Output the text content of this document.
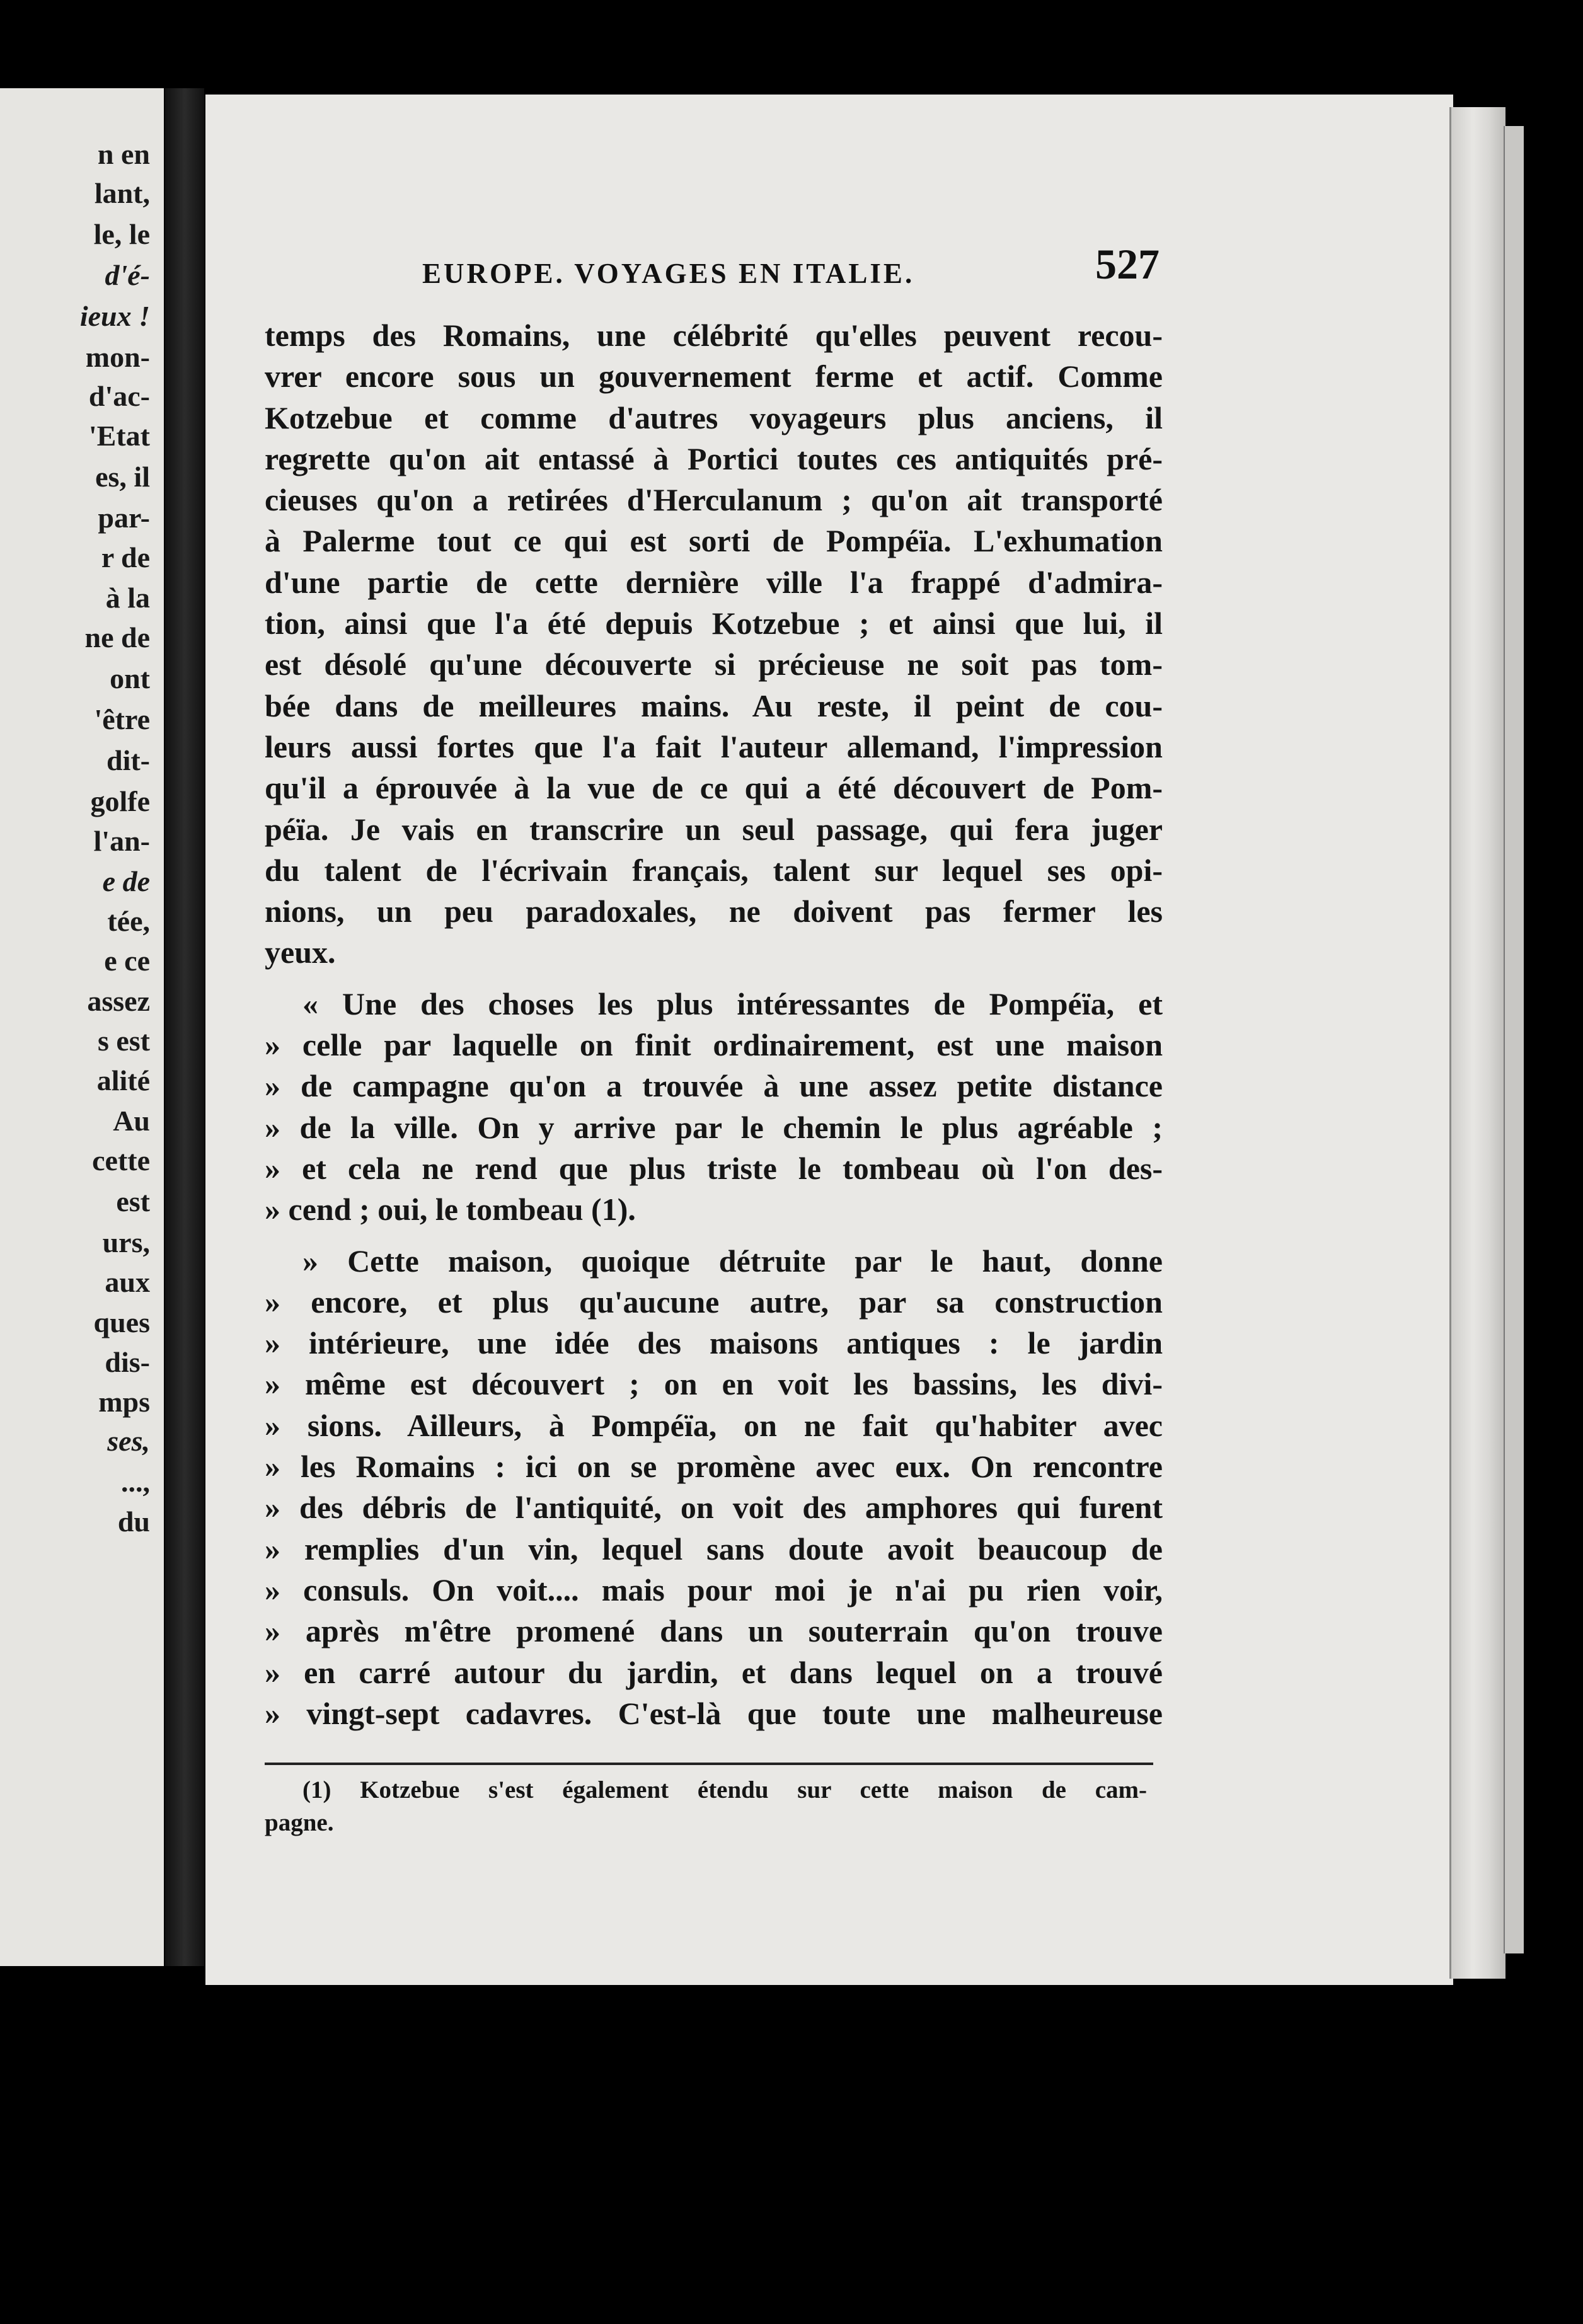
n en
lant,
le, le
d'é-
ieux !
mon-
d'ac-
'Etat
es, il
par-
r de
à la
ne de
ont
'être
dit-
golfe
l'an-
e de
tée,
e ce
assez
s est
alité
Au
cette
est
urs,
aux
ques
dis-
mps
ses,
...,
du
EUROPE. VOYAGES EN ITALIE.	527
temps des Romains, une célébrité qu'elles peuvent recou-
vrer encore sous un gouvernement ferme et actif. Comme
Kotzebue et comme d'autres voyageurs plus anciens, il
regrette qu'on ait entassé à Portici toutes ces antiquités pré-
cieuses qu'on a retirées d'Herculanum ; qu'on ait transporté
à Palerme tout ce qui est sorti de Pompéïa. L'exhumation
d'une partie de cette dernière ville l'a frappé d'admira-
tion, ainsi que l'a été depuis Kotzebue ; et ainsi que lui, il
est désolé qu'une découverte si précieuse ne soit pas tom-
bée dans de meilleures mains. Au reste, il peint de cou-
leurs aussi fortes que l'a fait l'auteur allemand, l'impression
qu'il a éprouvée à la vue de ce qui a été découvert de Pom-
péïa. Je vais en transcrire un seul passage, qui fera juger
du talent de l'écrivain français, talent sur lequel ses opi-
nions, un peu paradoxales, ne doivent pas fermer les
yeux.
« Une des choses les plus intéressantes de Pompéïa, et
» celle par laquelle on finit ordinairement, est une maison
» de campagne qu'on a trouvée à une assez petite distance
» de la ville. On y arrive par le chemin le plus agréable ;
» et cela ne rend que plus triste le tombeau où l'on des-
» cend ; oui, le tombeau (1).
» Cette maison, quoique détruite par le haut, donne
» encore, et plus qu'aucune autre, par sa construction
» intérieure, une idée des maisons antiques : le jardin
» même est découvert ; on en voit les bassins, les divi-
» sions. Ailleurs, à Pompéïa, on ne fait qu'habiter avec
» les Romains : ici on se promène avec eux. On rencontre
» des débris de l'antiquité, on voit des amphores qui furent
» remplies d'un vin, lequel sans doute avoit beaucoup de
» consuls. On voit.... mais pour moi je n'ai pu rien voir,
» après m'être promené dans un souterrain qu'on trouve
» en carré autour du jardin, et dans lequel on a trouvé
» vingt-sept cadavres. C'est-là que toute une malheureuse
(1) Kotzebue s'est également étendu sur cette maison de cam-
pagne.
